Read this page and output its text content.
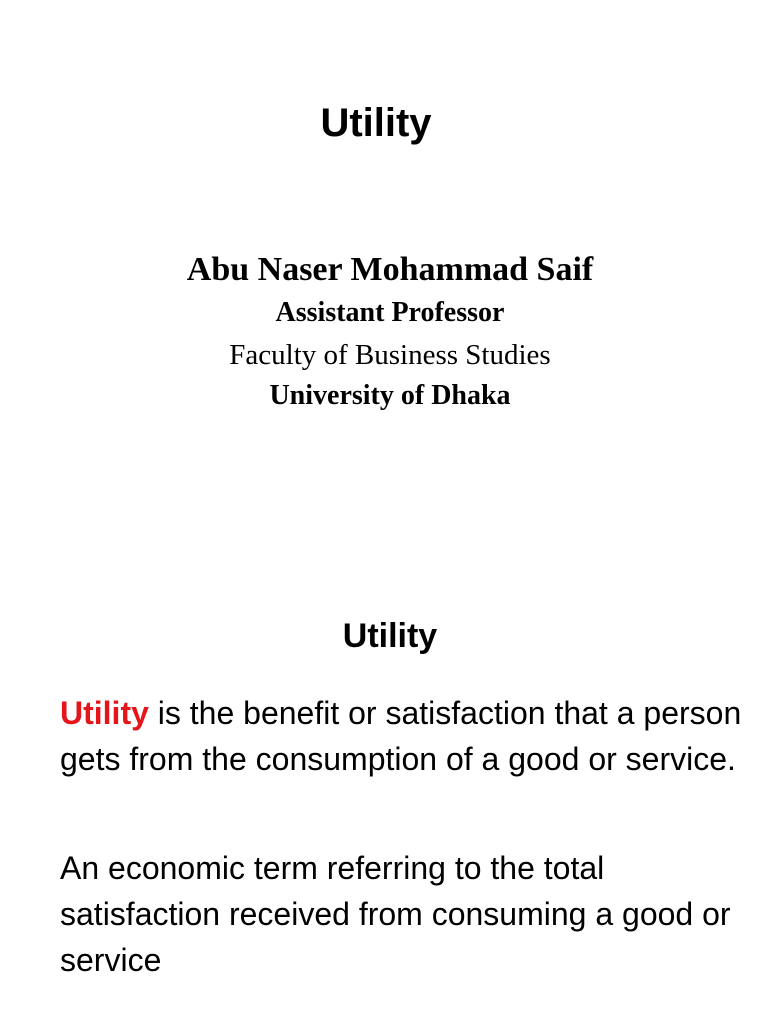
Utility
Abu Naser Mohammad Saif
Assistant Professor
Faculty of Business Studies
University of Dhaka
Utility

Utility is the benefit or satisfaction that a person gets from the consumption of a good or service.

An economic term referring to the total satisfaction received from consuming a good or service
